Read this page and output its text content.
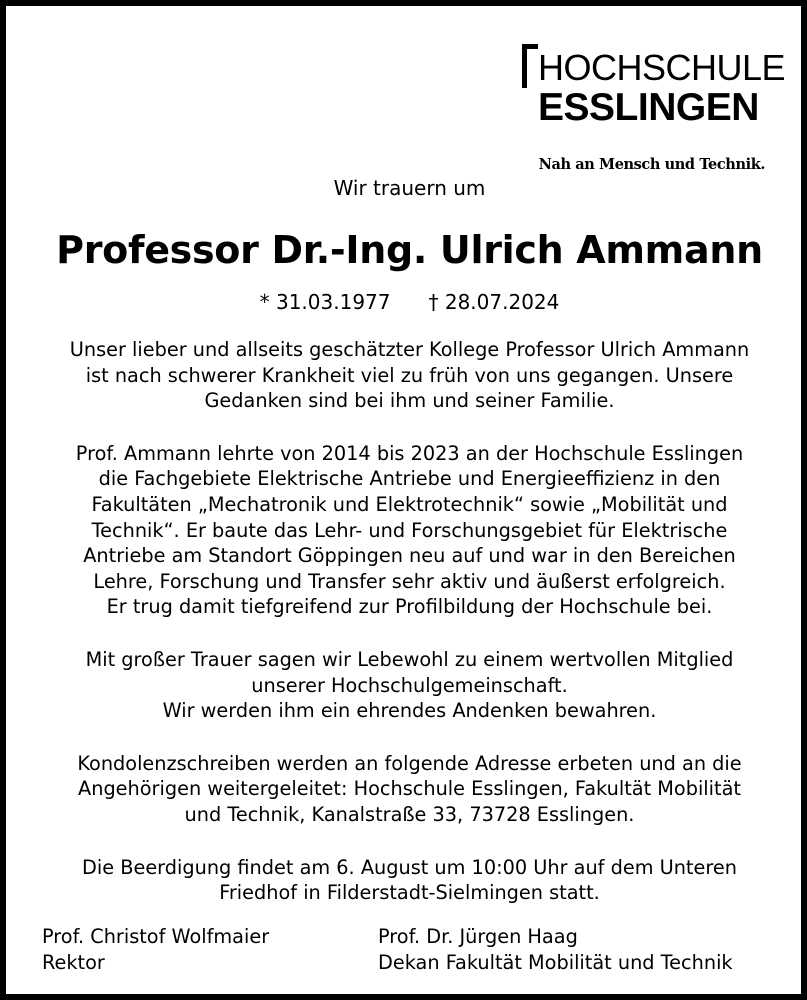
HOCHSCHULE
ESSLINGEN
Nah an Mensch und Technik.
Wir trauern um
Professor Dr.-Ing. Ulrich Ammann
* 31.03.1977 † 28.07.2024

Unser lieber und allseits geschätzter Kollege Professor Ulrich Ammann
ist nach schwerer Krankheit viel zu früh von uns gegangen. Unsere
Gedanken sind bei ihm und seiner Familie.

Prof. Ammann lehrte von 2014 bis 2023 an der Hochschule Esslingen
die Fachgebiete Elektrische Antriebe und Energieeffizienz in den
Fakultäten „Mechatronik und Elektrotechnik“ sowie „Mobilität und
Technik“. Er baute das Lehr- und Forschungsgebiet für Elektrische
Antriebe am Standort Göppingen neu auf und war in den Bereichen
Lehre, Forschung und Transfer sehr aktiv und äußerst erfolgreich.
Er trug damit tiefgreifend zur Profilbildung der Hochschule bei.

Mit großer Trauer sagen wir Lebewohl zu einem wertvollen Mitglied
unserer Hochschulgemeinschaft.
Wir werden ihm ein ehrendes Andenken bewahren.

Kondolenzschreiben werden an folgende Adresse erbeten und an die
Angehörigen weitergeleitet: Hochschule Esslingen, Fakultät Mobilität
und Technik, Kanalstraße 33, 73728 Esslingen.

Die Beerdigung findet am 6. August um 10:00 Uhr auf dem Unteren
Friedhof in Filderstadt-Sielmingen statt.

Prof. Christof Wolfmaier
Rektor
Prof. Dr. Jürgen Haag
Dekan Fakultät Mobilität und Technik
